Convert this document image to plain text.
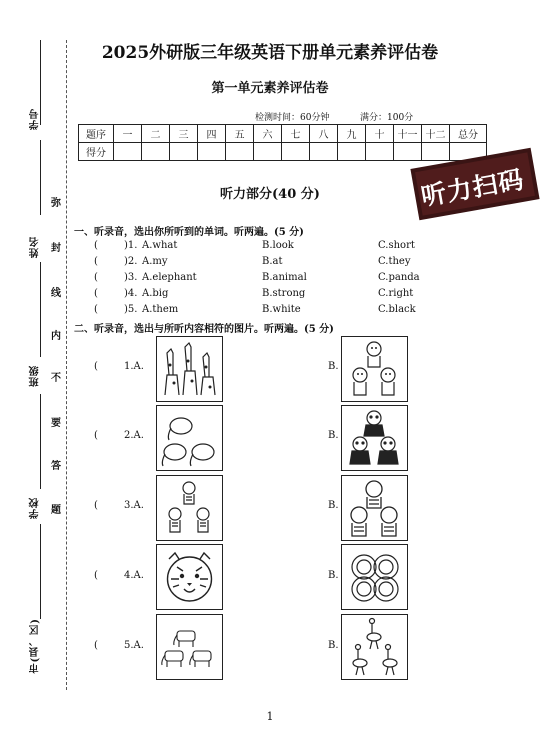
学号
姓名
班级
学校
市(县、区)
弥
封
线
内
不
要
答
题
2025外研版三年级英语下册单元素养评估卷
第一单元素养评估卷
检测时间：60分钟	满分：100分
题序	一	二	三	四	五	六	七	八	九	十	十一	十二	总分
得分													
听力扫码
听力部分(40 分)
一、听录音，选出你所听到的单词。听两遍。(5 分)
(	)1. A.what	B.look	C.short
(	)2. A.my	B.at	C.they
(	)3. A.elephant	B.animal	C.panda
(	)4. A.big	B.strong	C.right
(	)5. A.them	B.white	C.black
二、听录音，选出与所听内容相符的图片。听两遍。(5 分)
(	1.A.	B.
(	2.A.	B.
(	3.A.	B.
(	4.A.	B.
(	5.A.	B.
1
